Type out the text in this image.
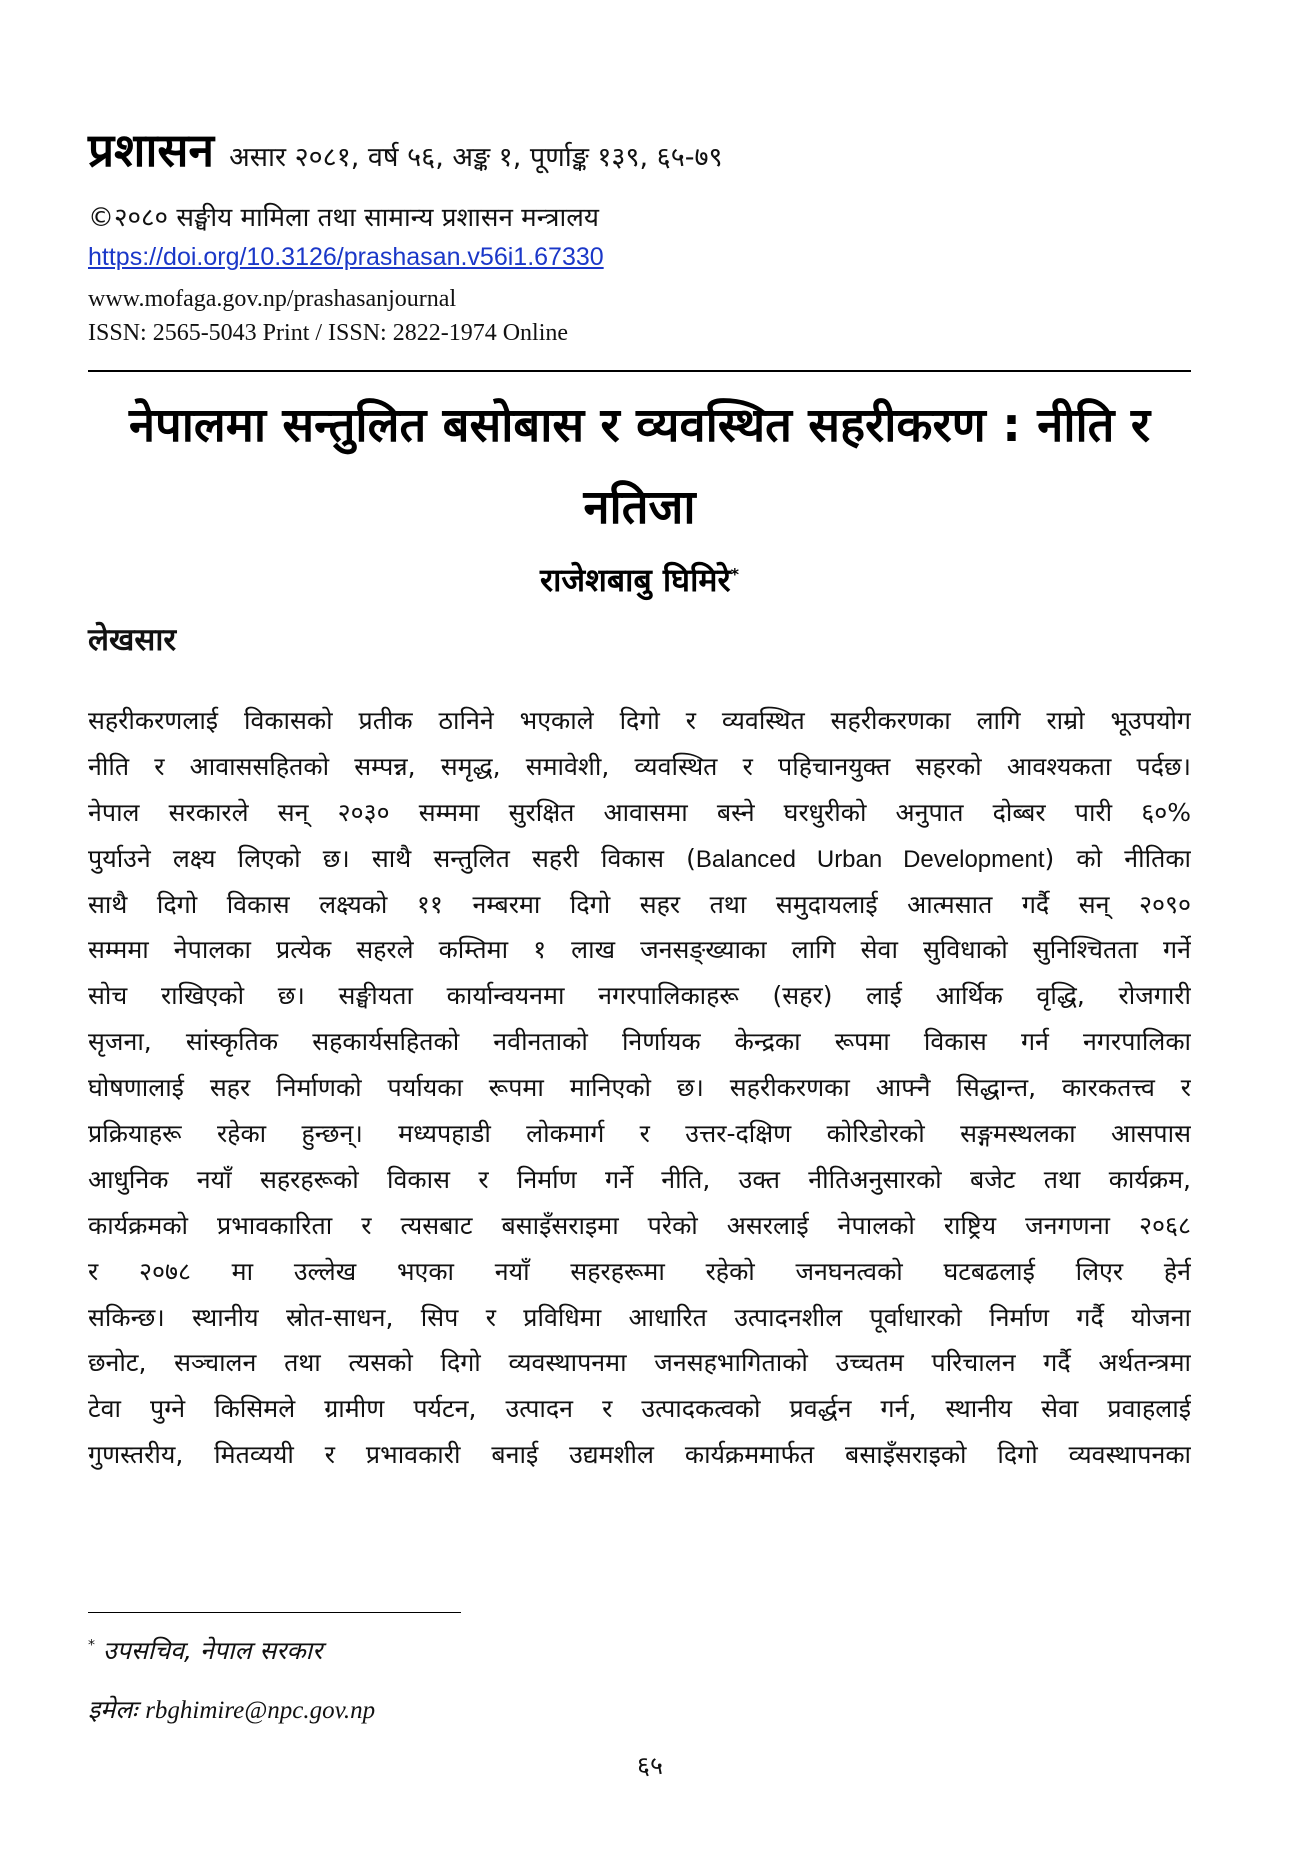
प्रशासन असार २०८१, वर्ष ५६, अङ्क १, पूर्णाङ्क १३९, ६५-७९
©२०८० सङ्घीय मामिला तथा सामान्य प्रशासन मन्त्रालय
https://doi.org/10.3126/prashasan.v56i1.67330
www.mofaga.gov.np/prashasanjournal
ISSN: 2565-5043 Print / ISSN: 2822-1974 Online
नेपालमा सन्तुलित बसोबास र व्यवस्थित सहरीकरण : नीति र नतिजा
राजेशबाबु घिमिरे*
लेखसार
सहरीकरणलाई विकासको प्रतीक ठानिने भएकाले दिगो र व्यवस्थित सहरीकरणका लागि राम्रो भूउपयोग
नीति र आवाससहितको सम्पन्न, समृद्ध, समावेशी, व्यवस्थित र पहिचानयुक्त सहरको आवश्यकता पर्दछ।
नेपाल सरकारले सन् २०३० सम्ममा सुरक्षित आवासमा बस्ने घरधुरीको अनुपात दोब्बर पारी ६०%
पुर्याउने लक्ष्य लिएको छ। साथै सन्तुलित सहरी विकास (Balanced Urban Development) को नीतिका
साथै दिगो विकास लक्ष्यको ११ नम्बरमा दिगो सहर तथा समुदायलाई आत्मसात गर्दै सन् २०९०
सम्ममा नेपालका प्रत्येक सहरले कम्तिमा १ लाख जनसङ्ख्याका लागि सेवा सुविधाको सुनिश्चितता गर्ने
सोच राखिएको छ। सङ्घीयता कार्यान्वयनमा नगरपालिकाहरू (सहर) लाई आर्थिक वृद्धि, रोजगारी
सृजना, सांस्कृतिक सहकार्यसहितको नवीनताको निर्णायक केन्द्रका रूपमा विकास गर्न नगरपालिका
घोषणालाई सहर निर्माणको पर्यायका रूपमा मानिएको छ। सहरीकरणका आफ्नै सिद्धान्त, कारकतत्त्व र
प्रक्रियाहरू रहेका हुन्छन्। मध्यपहाडी लोकमार्ग र उत्तर-दक्षिण कोरिडोरको सङ्गमस्थलका आसपास
आधुनिक नयाँ सहरहरूको विकास र निर्माण गर्ने नीति, उक्त नीतिअनुसारको बजेट तथा कार्यक्रम,
कार्यक्रमको प्रभावकारिता र त्यसबाट बसाइँसराइमा परेको असरलाई नेपालको राष्ट्रिय जनगणना २०६८
र २०७८ मा उल्लेख भएका नयाँ सहरहरूमा रहेको जनघनत्वको घटबढलाई लिएर हेर्न
सकिन्छ। स्थानीय स्रोत-साधन, सिप र प्रविधिमा आधारित उत्पादनशील पूर्वाधारको निर्माण गर्दै योजना
छनोट, सञ्चालन तथा त्यसको दिगो व्यवस्थापनमा जनसहभागिताको उच्चतम परिचालन गर्दै अर्थतन्त्रमा
टेवा पुग्ने किसिमले ग्रामीण पर्यटन, उत्पादन र उत्पादकत्वको प्रवर्द्धन गर्न, स्थानीय सेवा प्रवाहलाई
गुणस्तरीय, मितव्ययी र प्रभावकारी बनाई उद्यमशील कार्यक्रममार्फत बसाइँसराइको दिगो व्यवस्थापनका
* उपसचिव, नेपाल सरकार
इमेलः rbghimire@npc.gov.np
६५
